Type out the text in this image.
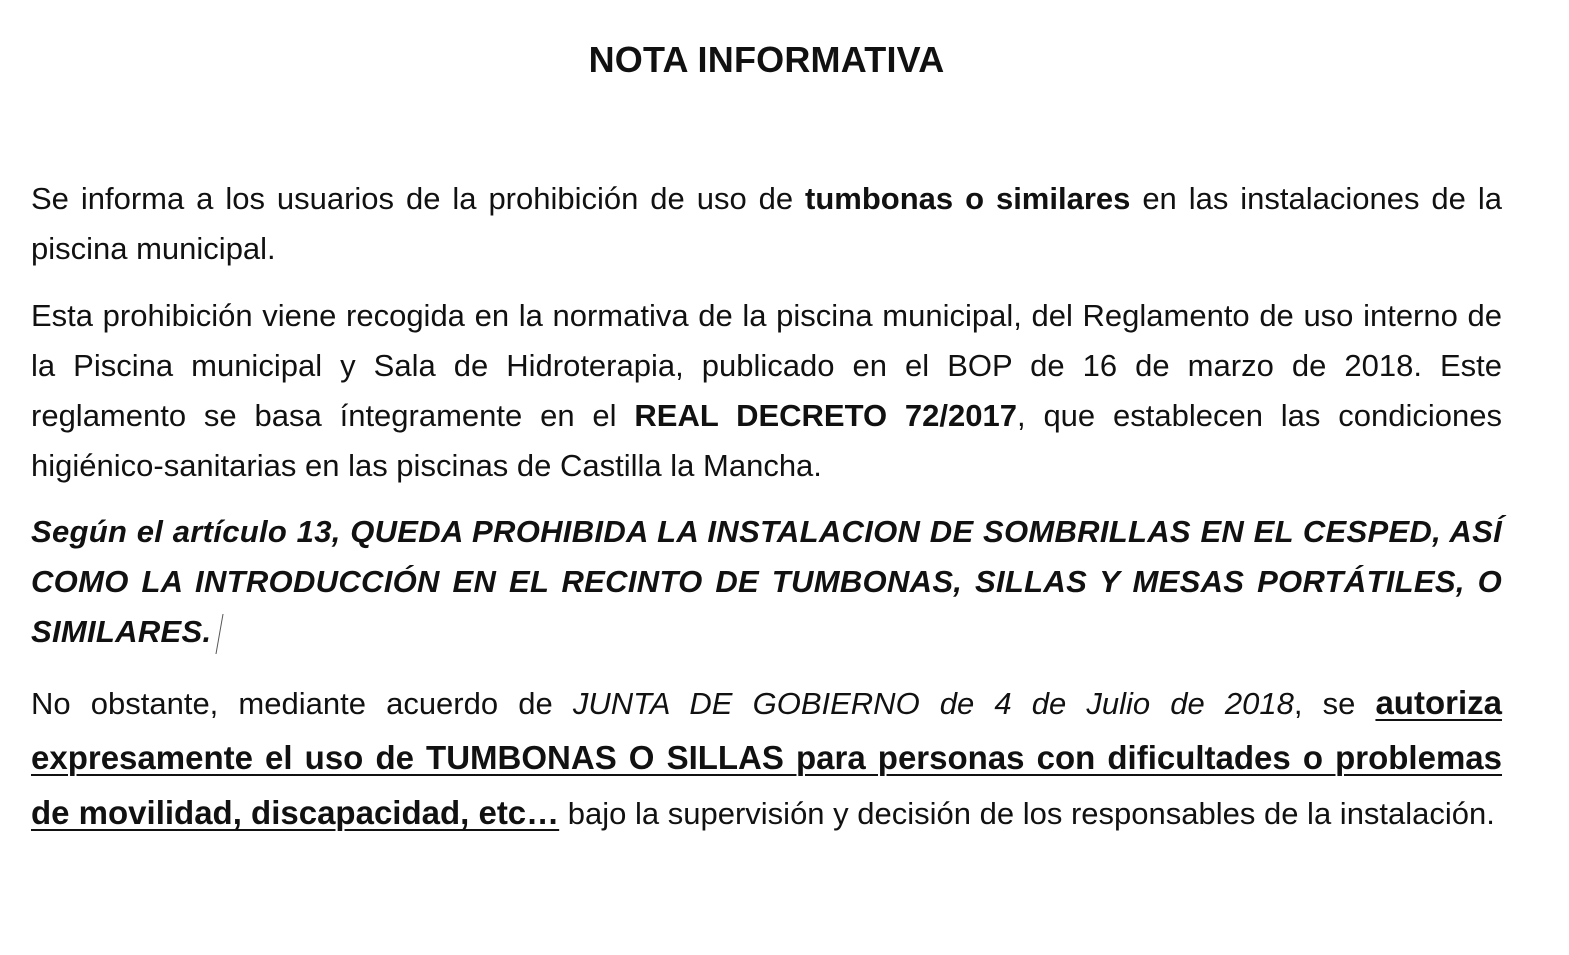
NOTA INFORMATIVA

Se informa a los usuarios de la prohibición de uso de tumbonas o similares en las instalaciones de la piscina municipal.

Esta prohibición viene recogida en la normativa de la piscina municipal, del Reglamento de uso interno de la Piscina municipal y Sala de Hidroterapia, publicado en el BOP de 16 de marzo de 2018. Este reglamento se basa íntegramente en el REAL DECRETO 72/2017, que establecen las condiciones higiénico-sanitarias en las piscinas de Castilla la Mancha.

Según el artículo 13, QUEDA PROHIBIDA LA INSTALACION DE SOMBRILLAS EN EL CESPED, ASÍ COMO LA INTRODUCCIÓN EN EL RECINTO DE TUMBONAS, SILLAS Y MESAS PORTÁTILES, O SIMILARES.

No obstante, mediante acuerdo de JUNTA DE GOBIERNO de 4 de Julio de 2018, se autoriza expresamente el uso de TUMBONAS O SILLAS para personas con dificultades o problemas de movilidad, discapacidad, etc… bajo la supervisión y decisión de los responsables de la instalación.
